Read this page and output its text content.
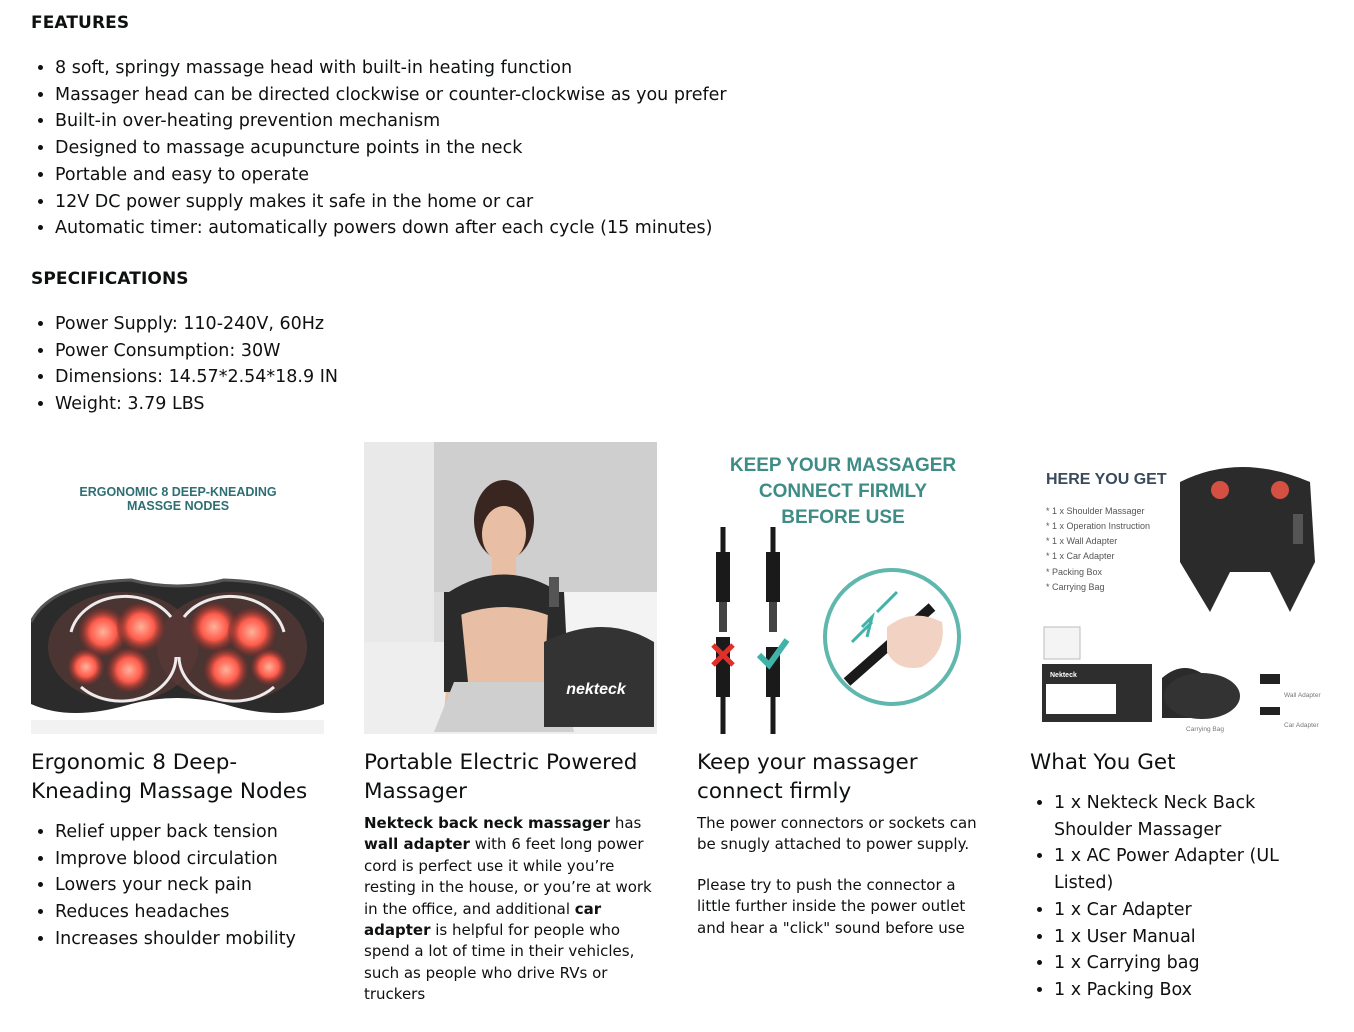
FEATURES
• 8 soft, springy massage head with built-in heating function
• Massager head can be directed clockwise or counter-clockwise as you prefer
• Built-in over-heating prevention mechanism
• Designed to massage acupuncture points in the neck
• Portable and easy to operate
• 12V DC power supply makes it safe in the home or car
• Automatic timer: automatically powers down after each cycle (15 minutes)
SPECIFICATIONS
• Power Supply: 110-240V, 60Hz
• Power Consumption: 30W
• Dimensions: 14.57*2.54*18.9 IN
• Weight: 3.79 LBS
ERGONOMIC 8 DEEP-KNEADING
MASSGE NODES
Ergonomic 8 Deep-Kneading Massage Nodes
• Relief upper back tension
• Improve blood circulation
• Lowers your neck pain
• Reduces headaches
• Increases shoulder mobility
nekteck
Portable Electric Powered Massager
Nekteck back neck massager has wall adapter with 6 feet long power cord is perfect use it while you’re resting in the house, or you’re at work in the office, and additional car adapter is helpful for people who spend a lot of time in their vehicles, such as people who drive RVs or truckers
KEEP YOUR MASSAGER
CONNECT FIRMLY
BEFORE USE
Keep your massager connect firmly

The power connectors or sockets can be snugly attached to power supply.

Please try to push the connector a little further inside the power outlet and hear a "click" sound before use

HERE YOU GET
* 1 x Shoulder Massager
* 1 x Operation Instruction
* 1 x Wall Adapter
* 1 x Car Adapter
* Packing Box
* Carrying Bag
Nekteck
Carrying Bag
Wall Adapter
Car Adapter
What You Get
• 1 x Nekteck Neck Back Shoulder Massager
• 1 x AC Power Adapter (UL Listed)
• 1 x Car Adapter
• 1 x User Manual
• 1 x Carrying bag
• 1 x Packing Box
